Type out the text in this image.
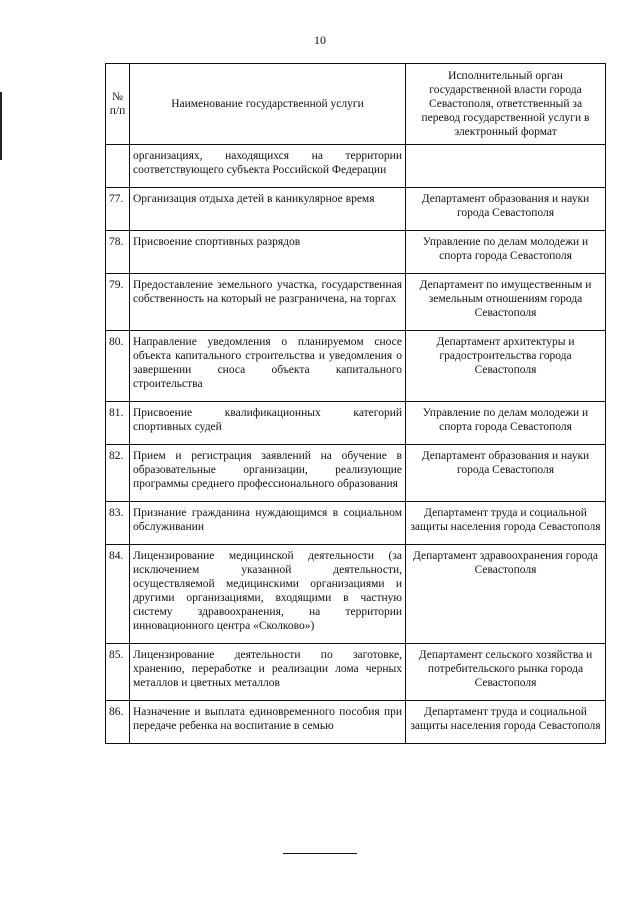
10
№ п/п	Наименование государственной услуги	Исполнительный орган государственной власти города Севастополя, ответственный за перевод государственной услуги в электронный формат
	организациях, находящихся на территории соответствующего субъекта Российской Федерации	
77.	Организация отдыха детей в каникулярное время	Департамент образования и науки города Севастополя
78.	Присвоение спортивных разрядов	Управление по делам молодежи и спорта города Севастополя
79.	Предоставление земельного участка, государственная собственность на который не разграничена, на торгах	Департамент по имущественным и земельным отношениям города Севастополя
80.	Направление уведомления о планируемом сносе объекта капитального строительства и уведомления о завершении сноса объекта капитального строительства	Департамент архитектуры и градостроительства города Севастополя
81.	Присвоение квалификационных категорий спортивных судей	Управление по делам молодежи и спорта города Севастополя
82.	Прием и регистрация заявлений на обучение в образовательные организации, реализующие программы среднего профессионального образования	Департамент образования и науки города Севастополя
83.	Признание гражданина нуждающимся в социальном обслуживании	Департамент труда и социальной защиты населения города Севастополя
84.	Лицензирование медицинской деятельности (за исключением указанной деятельности, осуществляемой медицинскими организациями и другими организациями, входящими в частную систему здравоохранения, на территории инновационного центра «Сколково»)	Департамент здравоохранения города Севастополя
85.	Лицензирование деятельности по заготовке, хранению, переработке и реализации лома черных металлов и цветных металлов	Департамент сельского хозяйства и потребительского рынка города Севастополя
86.	Назначение и выплата единовременного пособия при передаче ребенка на воспитание в семью	Департамент труда и социальной защиты населения города Севастополя
